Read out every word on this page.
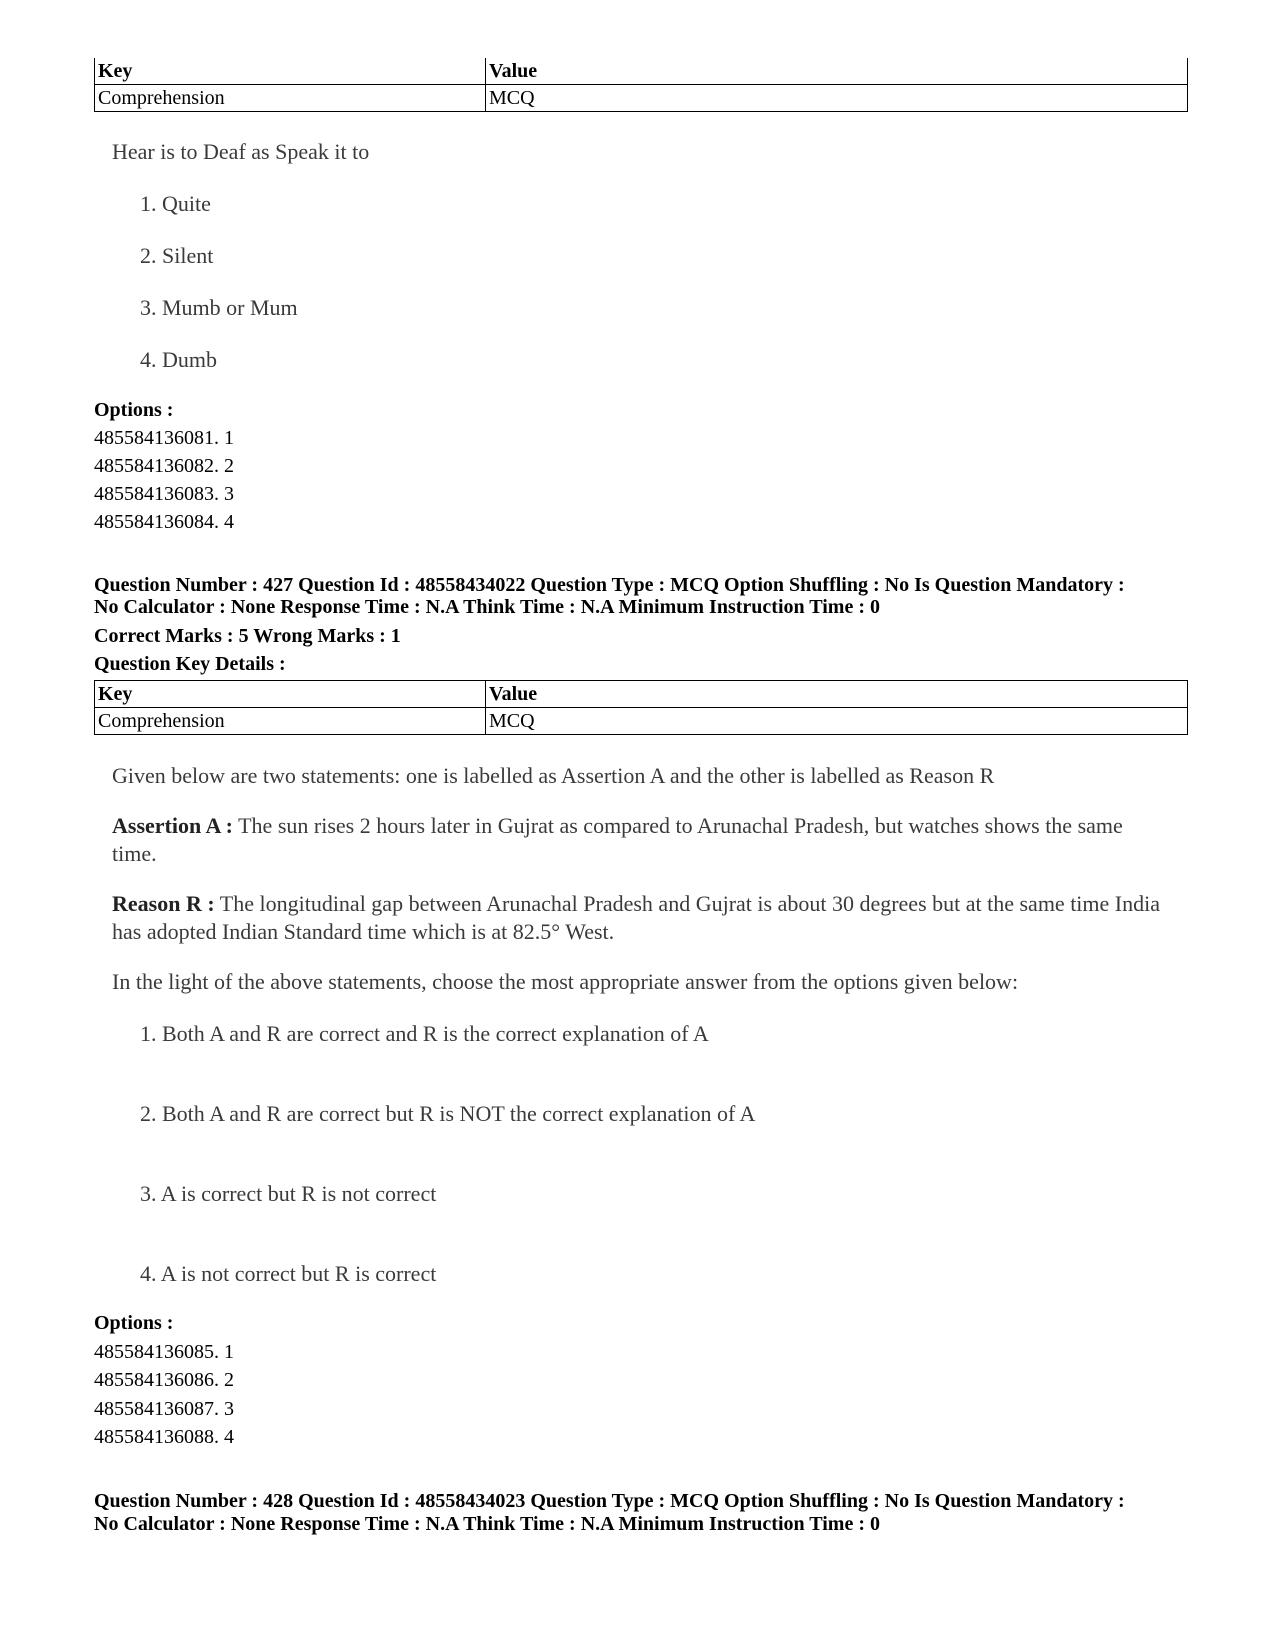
Key	Value
Comprehension	MCQ
Hear is to Deaf as Speak it to
1. Quite
2. Silent
3. Mumb or Mum
4. Dumb
Options :
485584136081. 1
485584136082. 2
485584136083. 3
485584136084. 4
Question Number : 427 Question Id : 48558434022 Question Type : MCQ Option Shuffling : No Is Question Mandatory :
No Calculator : None Response Time : N.A Think Time : N.A Minimum Instruction Time : 0
Correct Marks : 5 Wrong Marks : 1
Question Key Details :
Key	Value
Comprehension	MCQ
Given below are two statements: one is labelled as Assertion A and the other is labelled as Reason R
Assertion A : The sun rises 2 hours later in Gujrat as compared to Arunachal Pradesh, but watches shows the same time.
Reason R : The longitudinal gap between Arunachal Pradesh and Gujrat is about 30 degrees but at the same time India has adopted Indian Standard time which is at 82.5° West.
In the light of the above statements, choose the most appropriate answer from the options given below:
1. Both A and R are correct and R is the correct explanation of A
2. Both A and R are correct but R is NOT the correct explanation of A
3. A is correct but R is not correct
4. A is not correct but R is correct
Options :
485584136085. 1
485584136086. 2
485584136087. 3
485584136088. 4
Question Number : 428 Question Id : 48558434023 Question Type : MCQ Option Shuffling : No Is Question Mandatory :
No Calculator : None Response Time : N.A Think Time : N.A Minimum Instruction Time : 0
